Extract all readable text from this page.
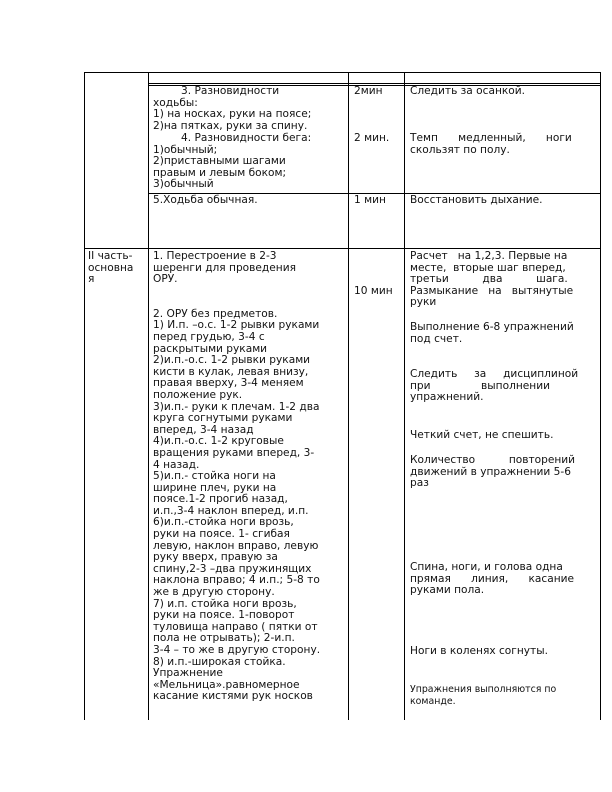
3. Разновидности
ходьбы:
1) на носках, руки на поясе;
2)на пятках, руки за спину.
2мин	Следить за осанкой.
4. Разновидности бега:
1)обычный;
2)приставными шагами
правым и левым боком;
3)обычный
2 мин. Темп      медленный,      ноги
скользят по полу.
5.Ходьба обычная.	1 мин Восстановить дыхание.
II часть-
основна
я
1. Перестроение в 2-3
шеренги для проведения
ОРУ.
2. ОРУ без предметов.
1) И.п. –о.с. 1-2 рывки руками
перед грудью, 3-4 с
раскрытыми руками
2)и.п.-о.с. 1-2 рывки руками
кисти в кулак, левая внизу,
правая вверху, 3-4 меняем
положение рук.
3)и.п.- руки к плечам. 1-2 два
круга согнутыми руками
вперед, 3-4 назад
4)и.п.-о.с. 1-2 круговые
вращения руками вперед, 3-
4 назад.
5)и.п.- стойка ноги на
ширине плеч, руки на
поясе.1-2 прогиб назад,
и.п.,3-4 наклон вперед, и.п.
6)и.п.-стойка ноги врозь,
руки на поясе. 1- сгибая
левую, наклон вправо, левую
руку вверх, правую за
спину,2-3 –два пружинящих
наклона вправо; 4 и.п.; 5-8 то
же в другую сторону.
7) и.п. стойка ноги врозь,
руки на поясе. 1-поворот
туловища направо ( пятки от
пола не отрывать); 2-и.п.
3-4 – то же в другую сторону.
8) и.п.-широкая стойка.
Упражнение
«Мельница».равномерное
касание кистями рук носков
10 мин
Расчет   на 1,2,3. Первые на
месте,  вторые шаг вперед,
третьи          два          шага.
Размыкание   на   вытянутые
руки
Выполнение 6-8 упражнений
под счет.
Следить     за     дисциплиной
при               выполнении
упражнений.
Четкий счет, не спешить.
Количество          повторений
движений в упражнении 5-6
раз
Спина, ноги, и голова одна
прямая      линия,      касание
руками пола.
Ноги в коленях согнуты.
Упражнения выполняются по
команде.
